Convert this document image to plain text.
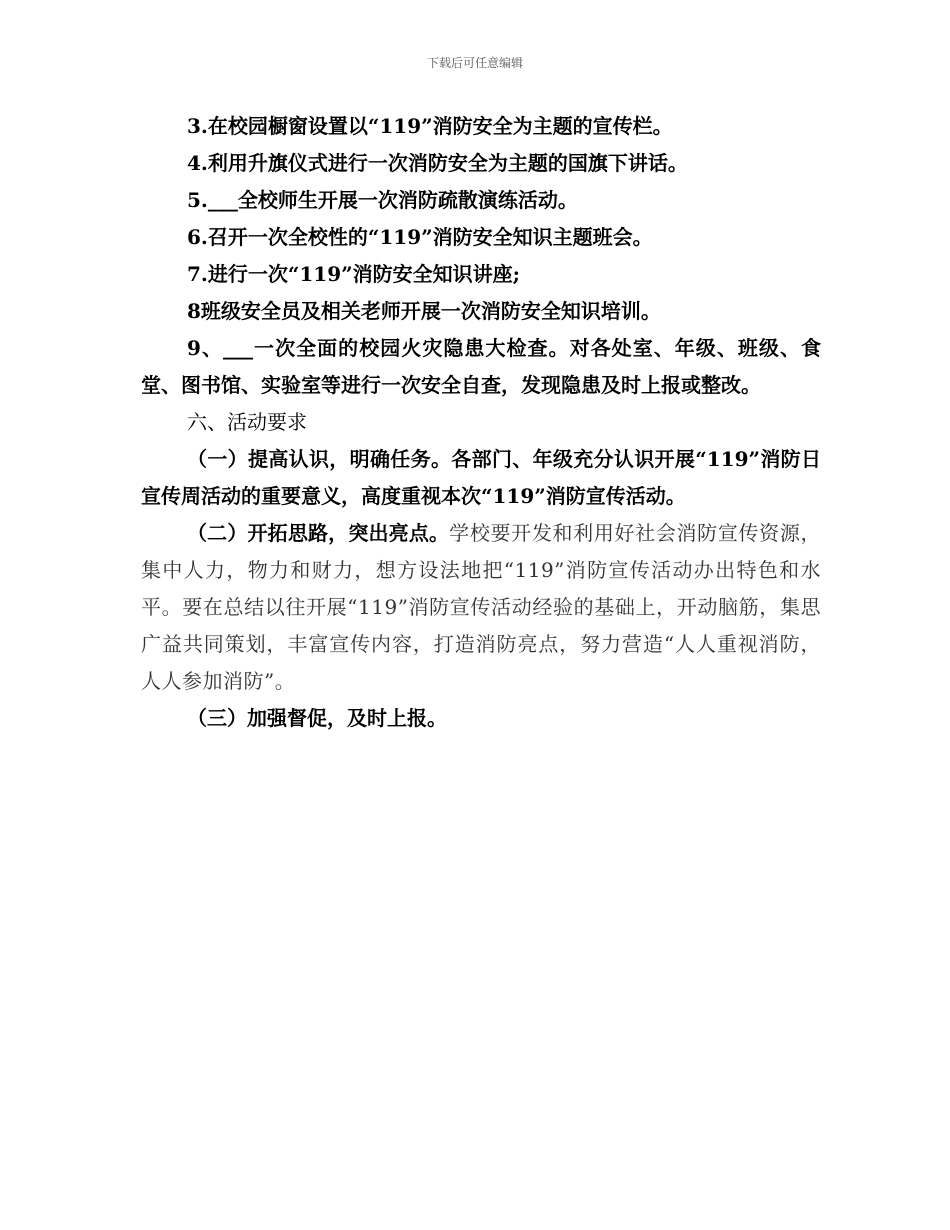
下载后可任意编辑
3.在校园橱窗设置以“119”消防安全为主题的宣传栏。
4.利用升旗仪式进行一次消防安全为主题的国旗下讲话。
5.___全校师生开展一次消防疏散演练活动。
6.召开一次全校性的“119”消防安全知识主题班会。
7.进行一次“119”消防安全知识讲座;
8班级安全员及相关老师开展一次消防安全知识培训。
9、___一次全面的校园火灾隐患大检查。对各处室、年级、班级、食堂、图书馆、实验室等进行一次安全自查，发现隐患及时上报或整改。
六、活动要求
（一）提高认识，明确任务。各部门、年级充分认识开展“119”消防日宣传周活动的重要意义，高度重视本次“119”消防宣传活动。
（二）开拓思路，突出亮点。学校要开发和利用好社会消防宣传资源，集中人力，物力和财力，想方设法地把“119”消防宣传活动办出特色和水平。要在总结以往开展“119”消防宣传活动经验的基础上，开动脑筋，集思广益共同策划，丰富宣传内容，打造消防亮点，努力营造“人人重视消防，人人参加消防”。
（三）加强督促，及时上报。
